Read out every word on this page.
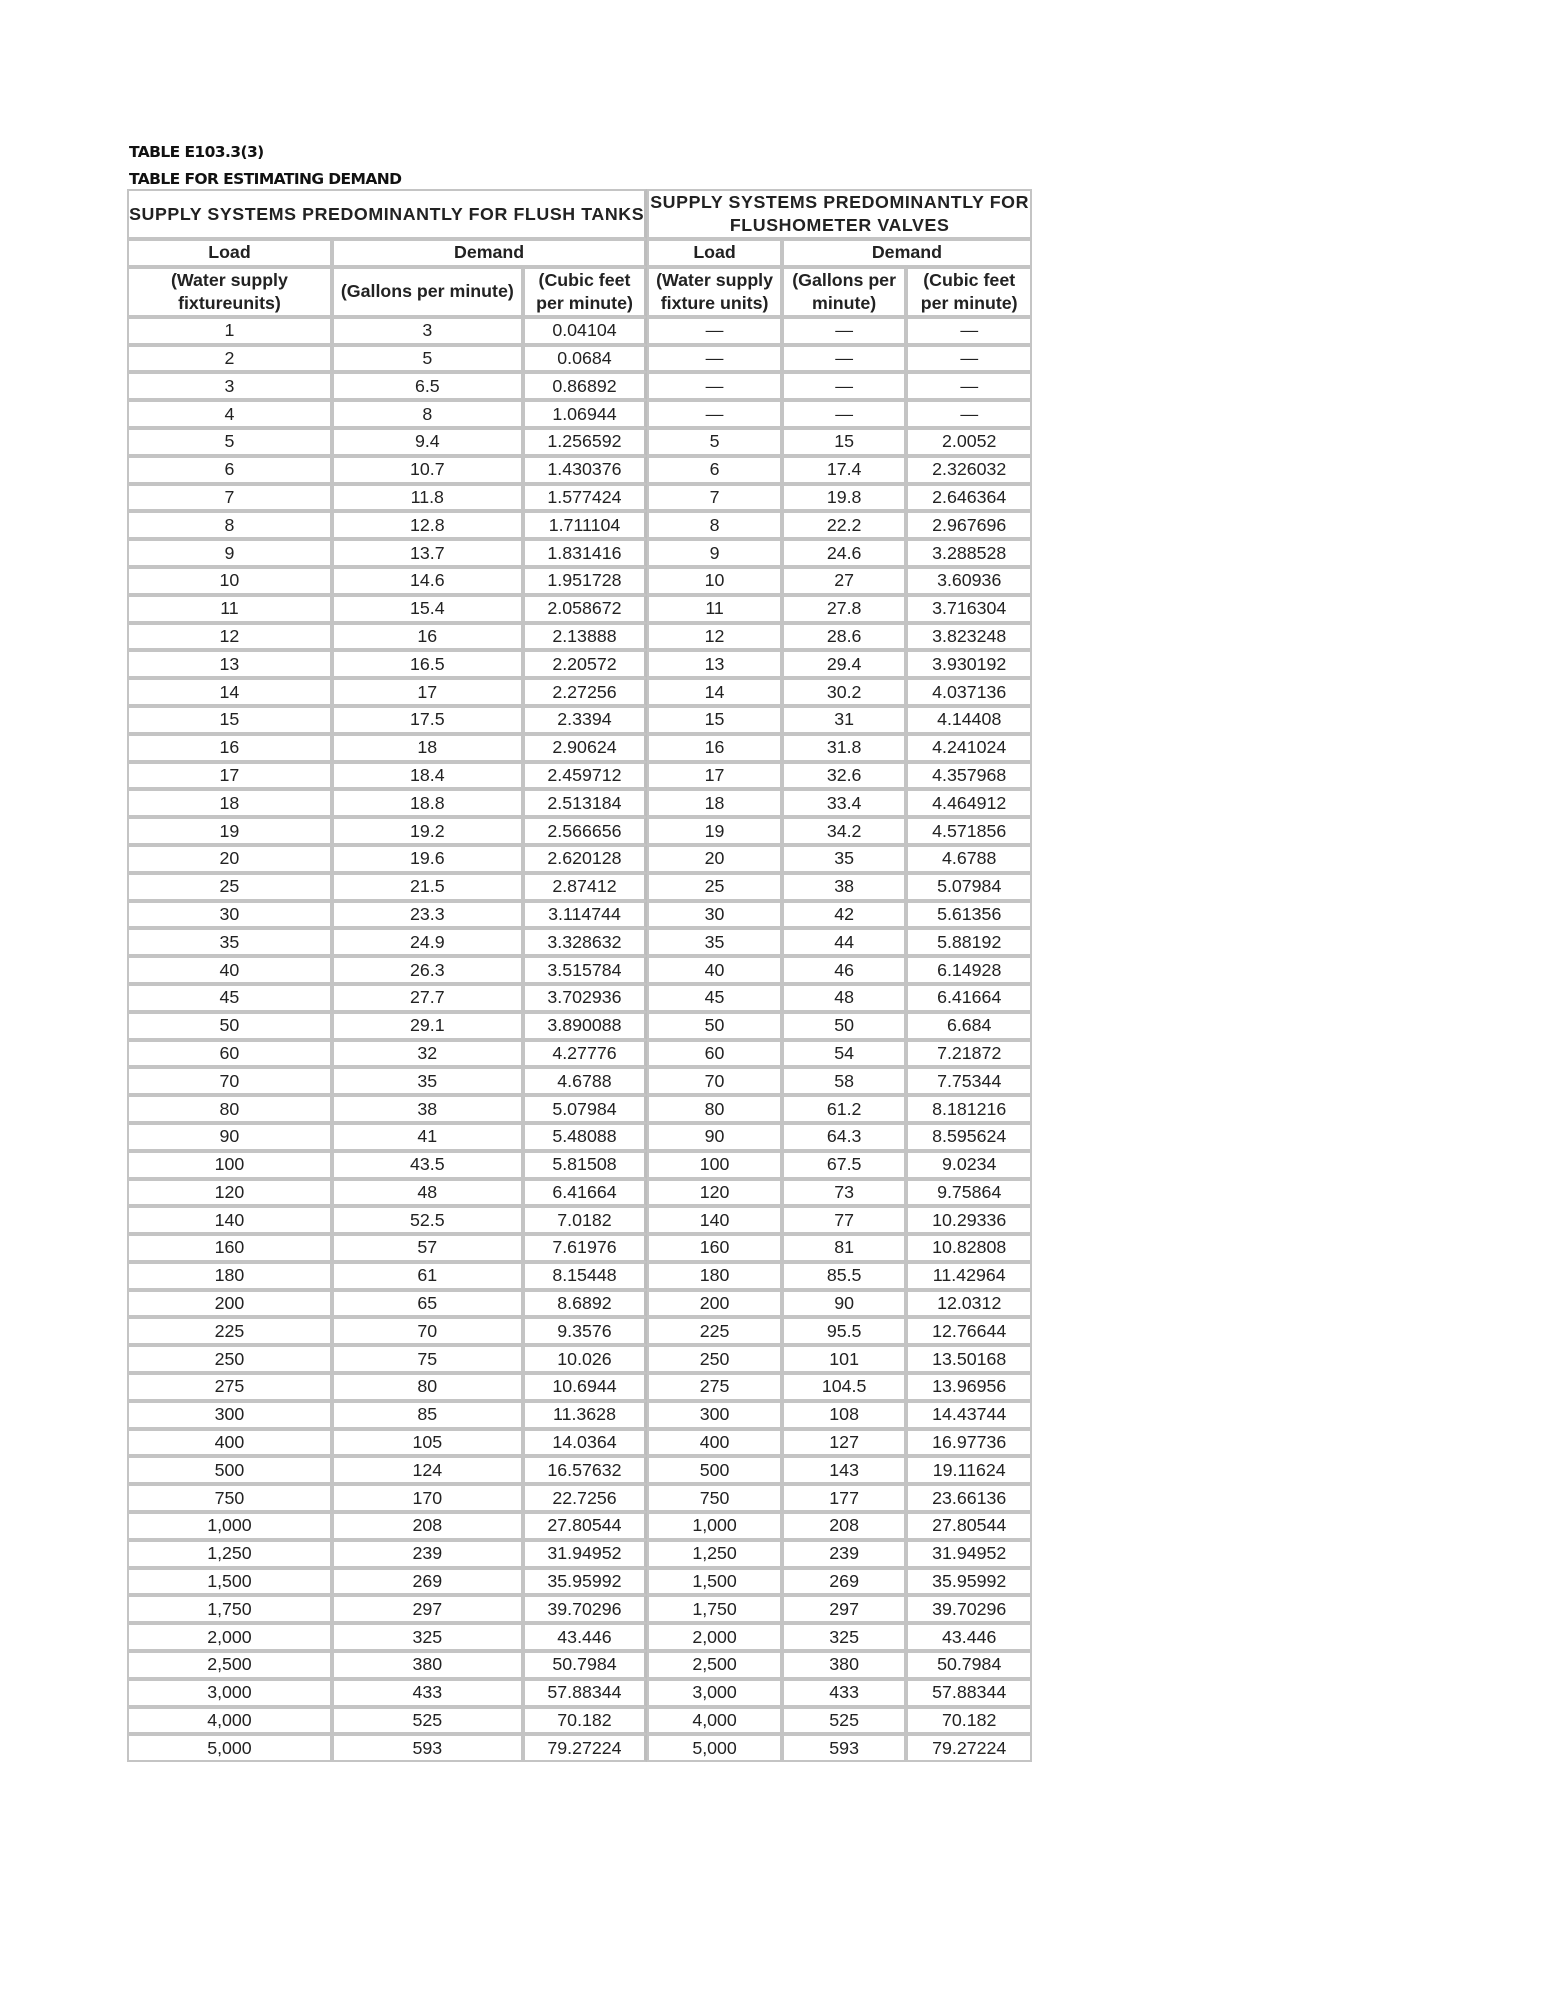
TABLE E103.3(3)
TABLE FOR ESTIMATING DEMAND
SUPPLY SYSTEMS PREDOMINANTLY FOR FLUSH TANKS			SUPPLY SYSTEMS PREDOMINANTLY FOR FLUSHOMETER VALVES		
Load	Demand		Load	Demand	
(Water supply fixtureunits)	(Gallons per minute)	(Cubic feet per minute)	(Water supply fixture units)	(Gallons per minute)	(Cubic feet per minute)
1	3	0.04104	—	—	—
2	5	0.0684	—	—	—
3	6.5	0.86892	—	—	—
4	8	1.06944	—	—	—
5	9.4	1.256592	5	15	2.0052
6	10.7	1.430376	6	17.4	2.326032
7	11.8	1.577424	7	19.8	2.646364
8	12.8	1.711104	8	22.2	2.967696
9	13.7	1.831416	9	24.6	3.288528
10	14.6	1.951728	10	27	3.60936
11	15.4	2.058672	11	27.8	3.716304
12	16	2.13888	12	28.6	3.823248
13	16.5	2.20572	13	29.4	3.930192
14	17	2.27256	14	30.2	4.037136
15	17.5	2.3394	15	31	4.14408
16	18	2.90624	16	31.8	4.241024
17	18.4	2.459712	17	32.6	4.357968
18	18.8	2.513184	18	33.4	4.464912
19	19.2	2.566656	19	34.2	4.571856
20	19.6	2.620128	20	35	4.6788
25	21.5	2.87412	25	38	5.07984
30	23.3	3.114744	30	42	5.61356
35	24.9	3.328632	35	44	5.88192
40	26.3	3.515784	40	46	6.14928
45	27.7	3.702936	45	48	6.41664
50	29.1	3.890088	50	50	6.684
60	32	4.27776	60	54	7.21872
70	35	4.6788	70	58	7.75344
80	38	5.07984	80	61.2	8.181216
90	41	5.48088	90	64.3	8.595624
100	43.5	5.81508	100	67.5	9.0234
120	48	6.41664	120	73	9.75864
140	52.5	7.0182	140	77	10.29336
160	57	7.61976	160	81	10.82808
180	61	8.15448	180	85.5	11.42964
200	65	8.6892	200	90	12.0312
225	70	9.3576	225	95.5	12.76644
250	75	10.026	250	101	13.50168
275	80	10.6944	275	104.5	13.96956
300	85	11.3628	300	108	14.43744
400	105	14.0364	400	127	16.97736
500	124	16.57632	500	143	19.11624
750	170	22.7256	750	177	23.66136
1,000	208	27.80544	1,000	208	27.80544
1,250	239	31.94952	1,250	239	31.94952
1,500	269	35.95992	1,500	269	35.95992
1,750	297	39.70296	1,750	297	39.70296
2,000	325	43.446	2,000	325	43.446
2,500	380	50.7984	2,500	380	50.7984
3,000	433	57.88344	3,000	433	57.88344
4,000	525	70.182	4,000	525	70.182
5,000	593	79.27224	5,000	593	79.27224
